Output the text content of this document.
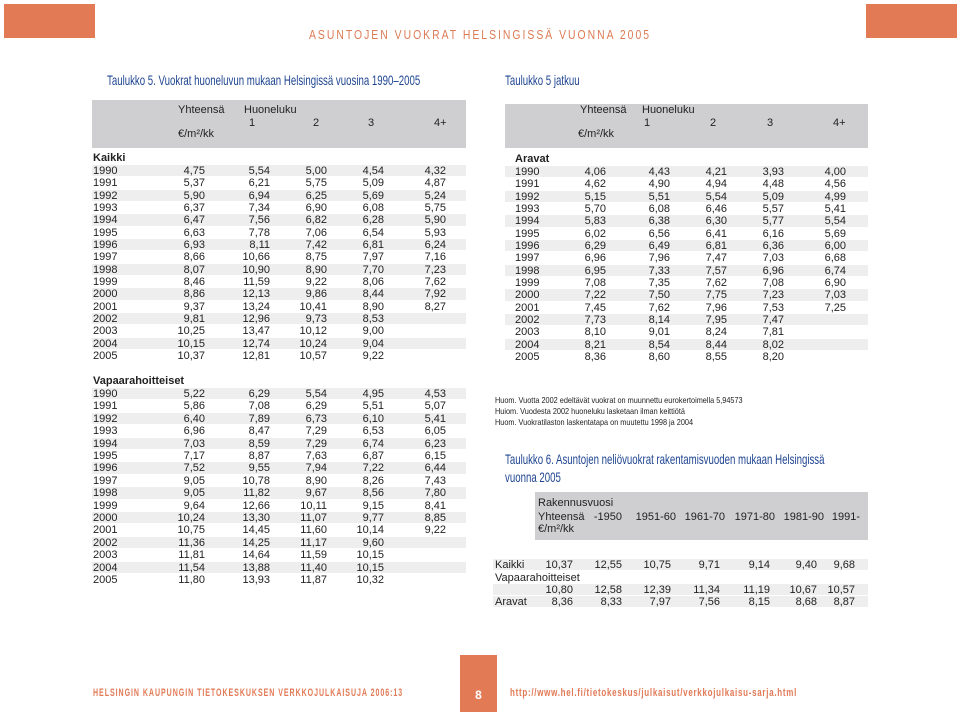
ASUNTOJEN VUOKRAT HELSINGISSÄ VUONNA 2005
Taulukko 5. Vuokrat huoneluvun mukaan Helsingissä vuosina 1990–2005	Taulukko 5 jatkuu
Yhteensä Huoneluku
€/m²/kk
Yhteensä Huoneluku
€/m²/kk
Huom. Vuotta 2002 edeltävät vuokrat on muunnettu eurokertoimella 5,94573
Huiom. Vuodesta 2002 huoneluku lasketaan ilman keittiötä
Huom. Vuokratilaston laskentatapa on muutettu 1998 ja 2004
Taulukko 6. Asuntojen neliövuokrat rakentamisvuoden mukaan Helsingissä
vuonna 2005
Rakennusvuosi
Yhteensä
€/m²/kk
HELSINGIN KAUPUNGIN TIETOKESKUKSEN VERKKOJULKAISUJA 2006:13	8	http://www.hel.fi/tietokeskus/julkaisut/verkkojulkaisu-sarja.html
1	2	3	4+	1	2	3	4+
Kaikki
1990	4,75	5,54	5,00	4,54	4,32
1991	5,37	6,21	5,75	5,09	4,87
1992	5,90	6,94	6,25	5,69	5,24
1993	6,37	7,34	6,90	6,08	5,75
1994	6,47	7,56	6,82	6,28	5,90
1995	6,63	7,78	7,06	6,54	5,93
1996	6,93	8,11	7,42	6,81	6,24
1997	8,66	10,66	8,75	7,97	7,16
1998	8,07	10,90	8,90	7,70	7,23
1999	8,46	11,59	9,22	8,06	7,62
2000	8,86	12,13	9,86	8,44	7,92
2001	9,37	13,24	10,41	8,90	8,27
2002	9,81	12,96	9,73	8,53
2003	10,25	13,47	10,12	9,00
2004	10,15	12,74	10,24	9,04
2005	10,37	12,81	10,57	9,22
Vapaarahoitteiset
1990	5,22	6,29	5,54	4,95	4,53
1991	5,86	7,08	6,29	5,51	5,07
1992	6,40	7,89	6,73	6,10	5,41
1993	6,96	8,47	7,29	6,53	6,05
1994	7,03	8,59	7,29	6,74	6,23
1995	7,17	8,87	7,63	6,87	6,15
1996	7,52	9,55	7,94	7,22	6,44
1997	9,05	10,78	8,90	8,26	7,43
1998	9,05	11,82	9,67	8,56	7,80
1999	9,64	12,66	10,11	9,15	8,41
2000	10,24	13,30	11,07	9,77	8,85
2001	10,75	14,45	11,60	10,14	9,22
2002	11,36	14,25	11,17	9,60
2003	11,81	14,64	11,59	10,15
2004	11,54	13,88	11,40	10,15
2005	11,80	13,93	11,87	10,32
Aravat
1990	4,06	4,43	4,21	3,93	4,00
1991	4,62	4,90	4,94	4,48	4,56
1992	5,15	5,51	5,54	5,09	4,99
1993	5,70	6,08	6,46	5,57	5,41
1994	5,83	6,38	6,30	5,77	5,54
1995	6,02	6,56	6,41	6,16	5,69
1996	6,29	6,49	6,81	6,36	6,00
1997	6,96	7,96	7,47	7,03	6,68
1998	6,95	7,33	7,57	6,96	6,74
1999	7,08	7,35	7,62	7,08	6,90
2000	7,22	7,50	7,75	7,23	7,03
2001	7,45	7,62	7,96	7,53	7,25
2002	7,73	8,14	7,95	7,47
2003	8,10	9,01	8,24	7,81
2004	8,21	8,54	8,44	8,02
2005	8,36	8,60	8,55	8,20
-1950	1951-60 1961-70 1971-80 1981-90 1991-
Kaikki	10,37	12,55	10,75	9,71	9,14	9,40	9,68
Vapaarahoitteiset
10,80	12,58	12,39	11,34	11,19	10,67 10,57
Aravat	8,36	8,33	7,97	7,56	8,15	8,68	8,87
